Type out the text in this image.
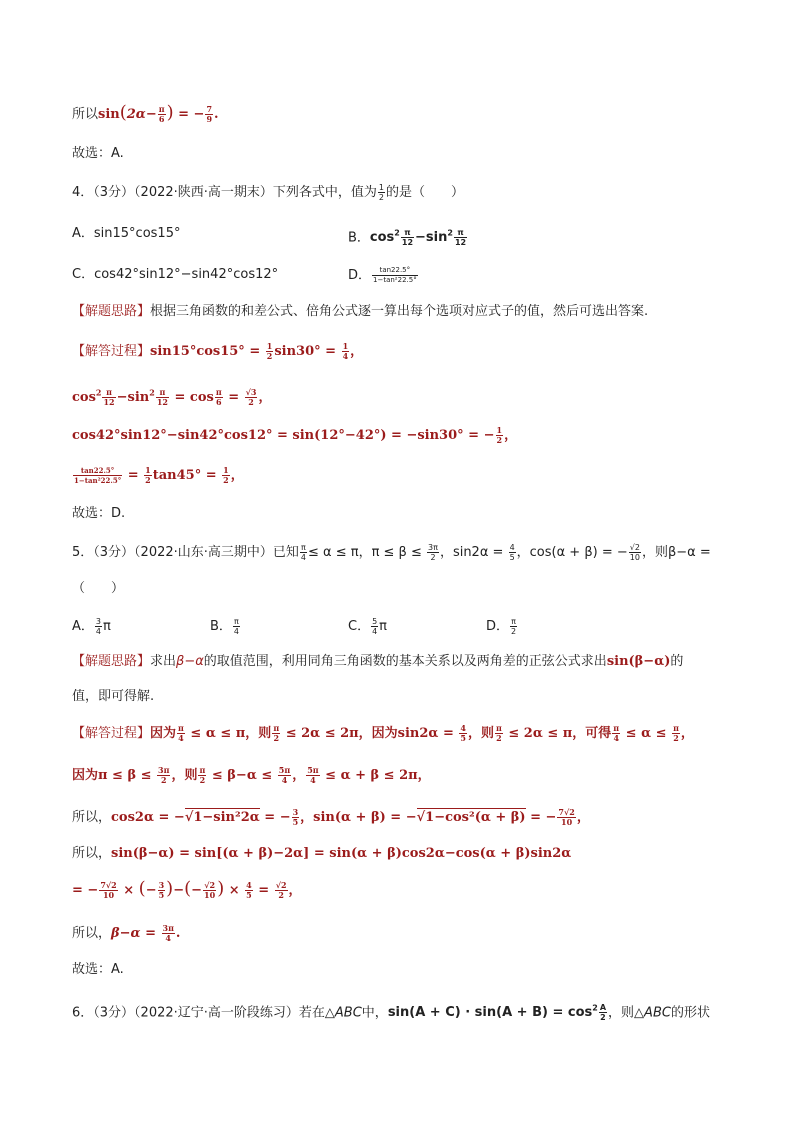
所以$\sin(2\alpha- \frac{\pi}{6}$ ) = − $\frac{7}{9}$ .
故选：A.
4．（3分）（2022·陕西·高一期末）下列各式中，值为 $\frac{1}{2}$ 的是（　　）
A．sin15°cos15°	B．$\cos^2 \frac{\pi}{12} -\sin^2 \frac{\pi}{12}$
C．cos42°sin12°−sin42°cos12°	D． $\frac{\tan 22.5^\circ}{\text{1−tan²22.5°}}$
【解题思路】根据三角函数的和差公式、倍角公式逐一算出每个选项对应式子的值，然后可选出答案.
【解答过程】$\sin 15^\circ\cos 15^\circ = \frac{1}{2} \sin 30^\circ = \frac{1}{4}$ ，
$\cos^2 \frac{\pi}{12} -\sin^2 \frac{\pi}{12} = \cos \frac{\pi}{6} = \frac{√3}{2}$ ，
cos42°sin12°−sin42°cos12° = sin(12°−42°) = −sin30° = − $\frac{1}{2}$ ，
$\frac{\tan 22.5^\circ}{\text{1−tan²22.5°}} = \frac{1}{2} \tan 45^\circ = \frac{1}{2}$ ，
故选：D.
5．（3分）（2022·山东·高三期中）已知 $\frac{\pi}{4} \le \alpha \le \pi$，$\pi \le \beta \le \frac{3\pi}{2}$ ，$\sin 2\alpha = \frac{4}{5}$ ，cos(α + β) = − $\frac{√2}{10}$ ，则β−α =
（　　）
A． $\frac{3}{4}$ π	B． $\frac{\pi}{4}$	C． $\frac{5}{4}$ π	D． $\frac{\pi}{2}$
【解题思路】求出β−α的取值范围，利用同角三角函数的基本关系以及两角差的正弦公式求出sin(β−α)的
值，即可得解.
【解答过程】因为 $\frac{\pi}{4} \le \alpha \le \pi$，则 $\frac{\pi}{2} \le 2\alpha \le 2\pi$，因为$\sin 2\alpha = \frac{4}{5}$ ，则 $\frac{\pi}{2} \le 2\alpha \le \pi$，可得 $\frac{\pi}{4} \le \alpha \le \frac{\pi}{2}$ ，
因为$\pi \le \beta \le \frac{3\pi}{2}$ ，则 $\frac{\pi}{2} \le \beta-\alpha \le \frac{5\pi}{4}$ ， $\frac{5\pi}{4} \le \alpha + \beta \le 2\pi$，
所以，cos2α = −√1−sin²2α = − $\frac{3}{5}$ ，sin(α + β) = −√1−cos²(α + β) = − $\frac{7√2}{10}$ ，
所以，sin(β−α) = sin[(α + β)−2α] = sin(α + β)cos2α−cos(α + β)sin2α
= − $\frac{7√2}{10}$ × (− $\frac{3}{5}$ )−(− $\frac{√2}{10}$ ) × $\frac{4}{5} = \frac{√2}{2}$ ，
所以，$\beta-\alpha = \frac{3\pi}{4}$ .
故选：A.
6．（3分）（2022·辽宁·高一阶段练习）若在△ABC中，$\sin(A + C) \cdot \sin(A + B) = \cos^2 \frac{A}{2}$ ，则△ABC的形状
